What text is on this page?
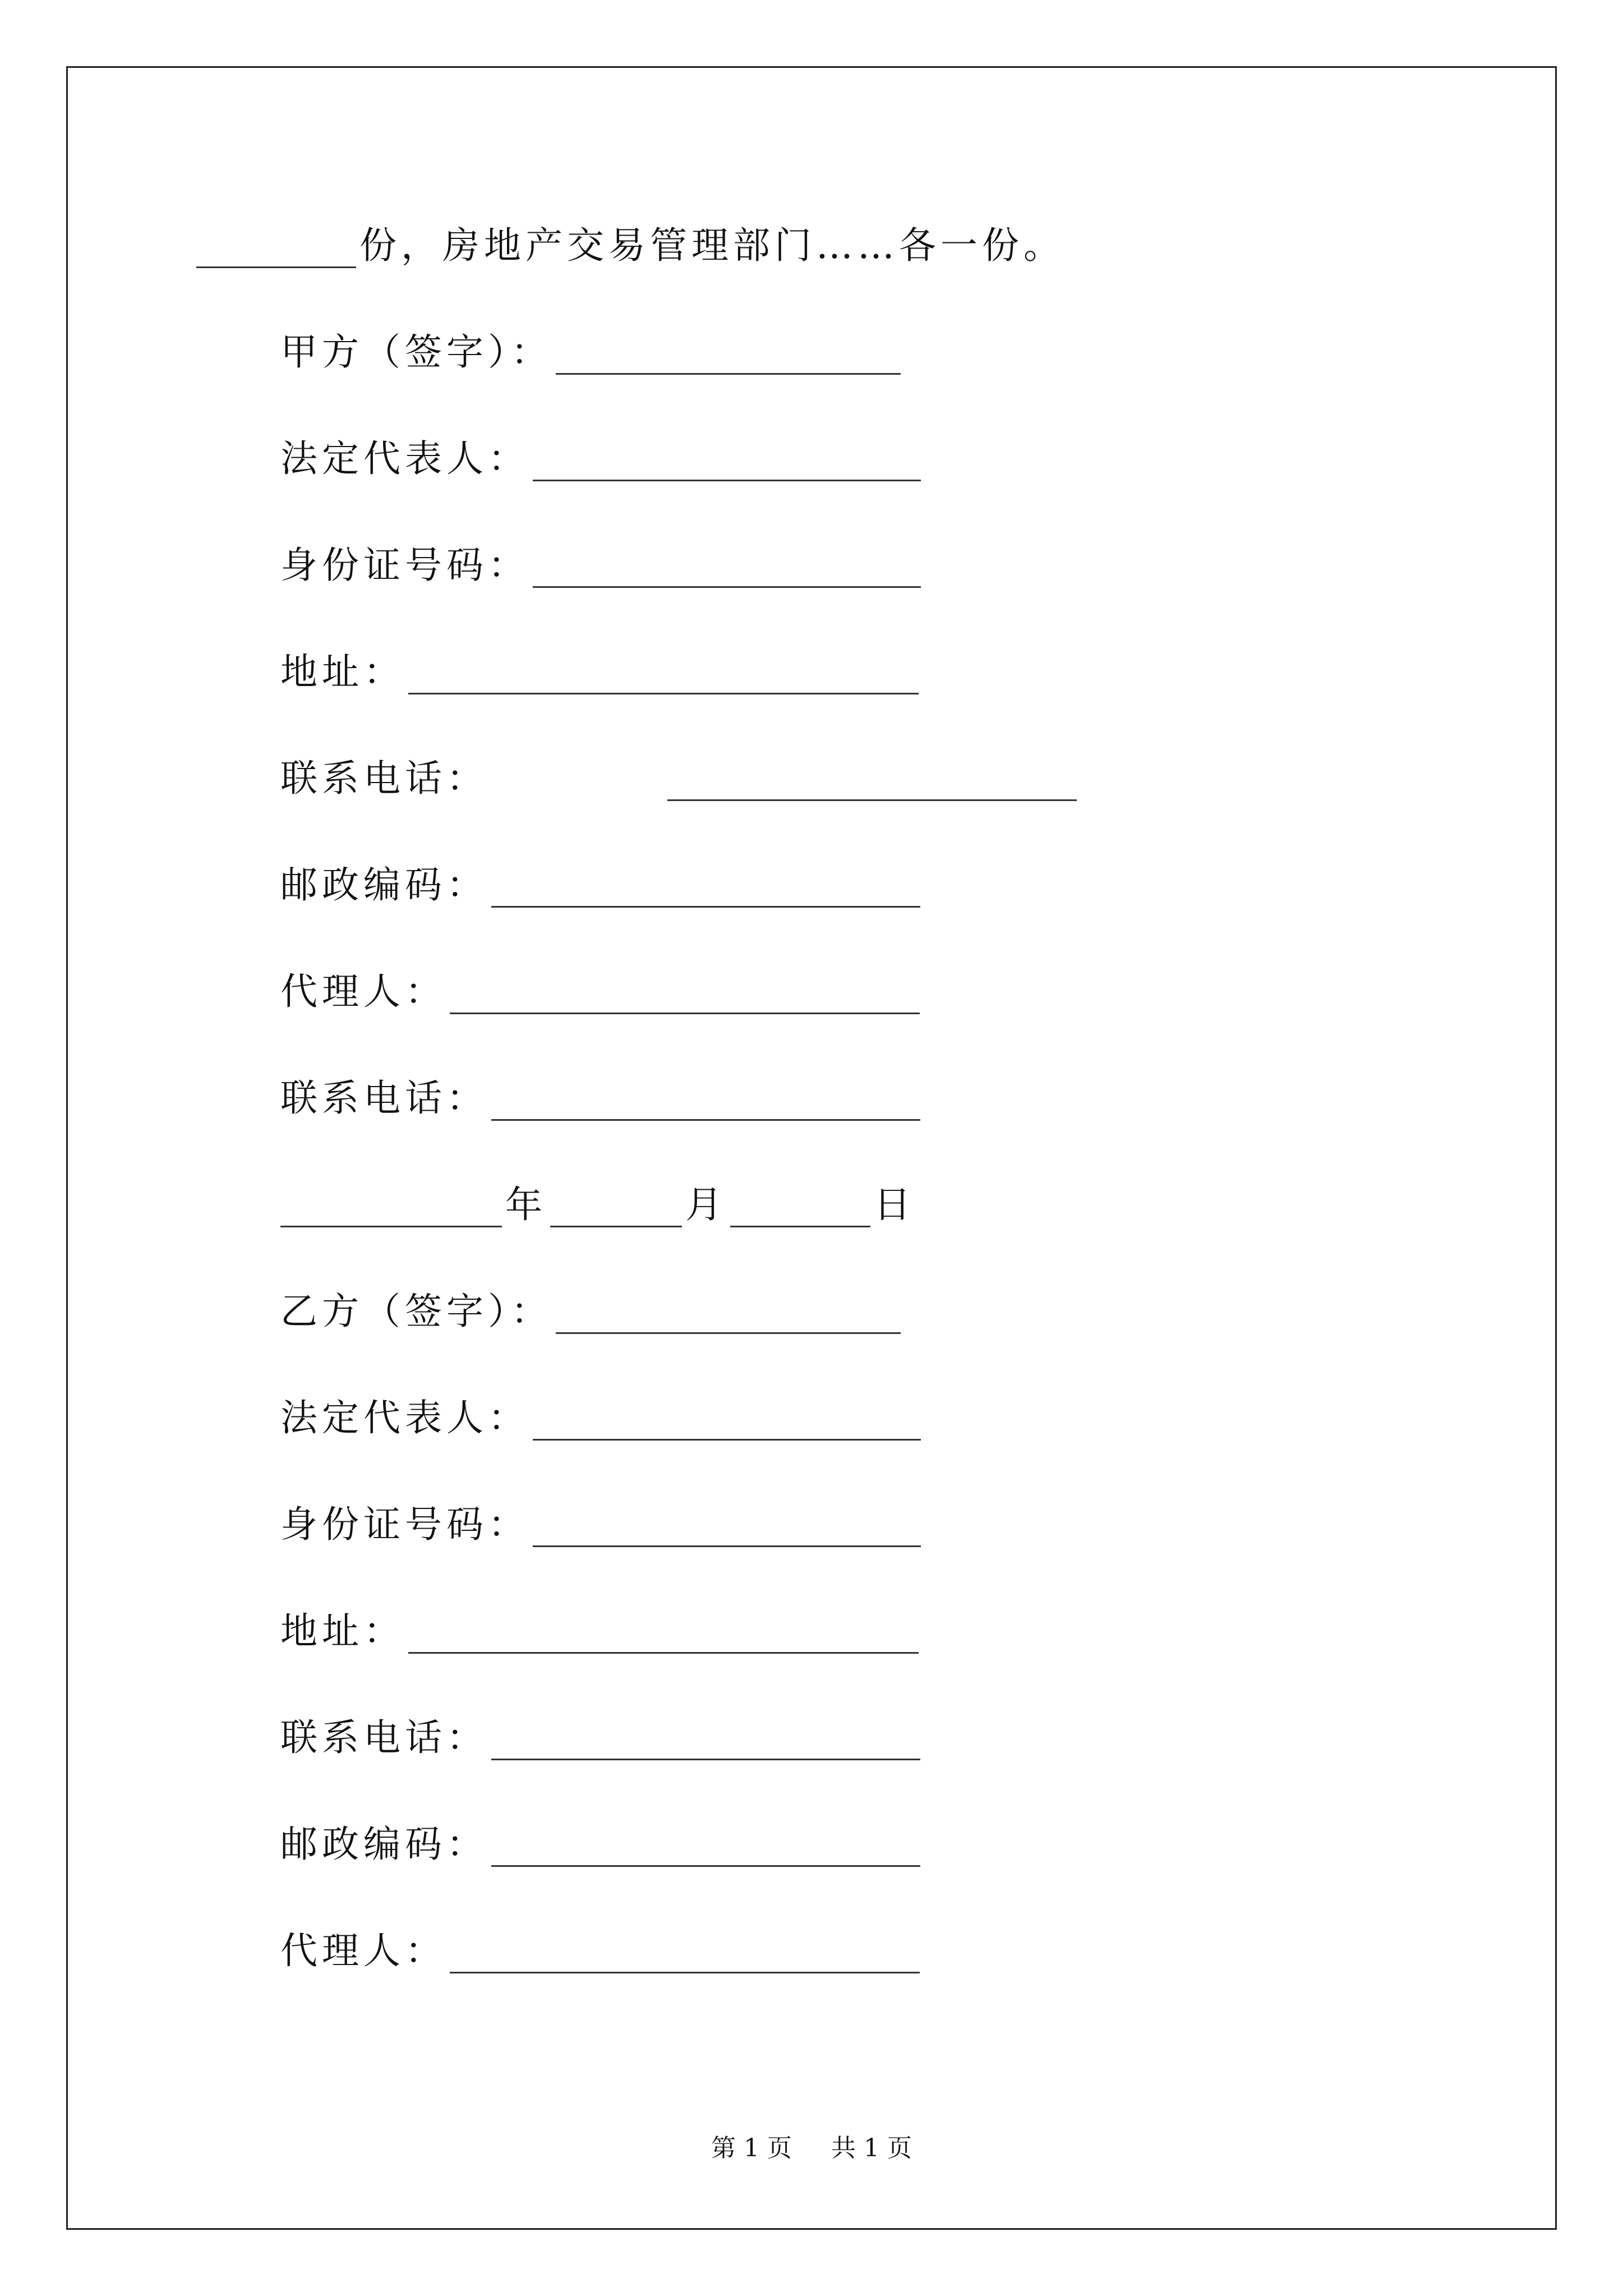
份，房地产交易管理部门……各一份。
甲方（签字）：
法定代表人：
身份证号码：
地址：
联系电话：
邮政编码：
代理人：
联系电话：
年	月	日
乙方（签字）：
法定代表人：
身份证号码：
地址：
联系电话：
邮政编码：
代理人：
第 1 页 共 1 页
